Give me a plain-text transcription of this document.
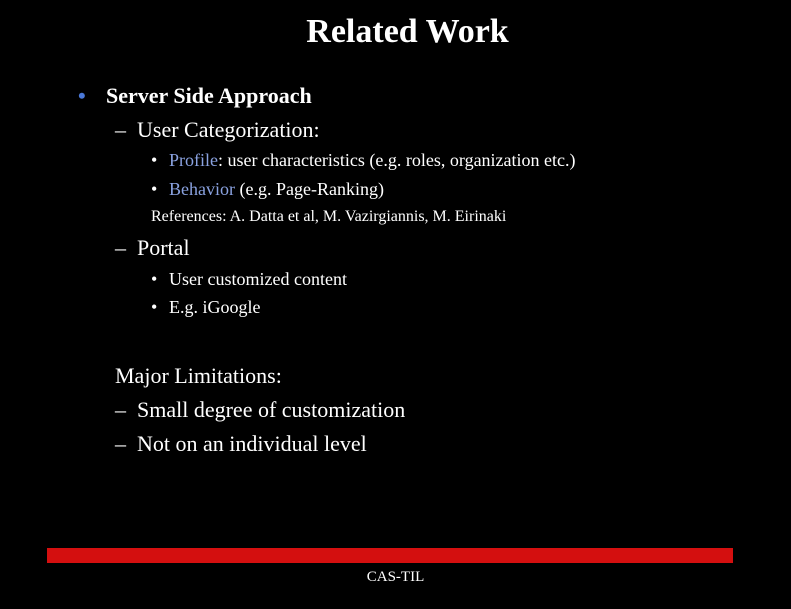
Related Work
• Server Side Approach
– User Categorization:
• Profile: user characteristics (e.g. roles, organization etc.)
• Behavior (e.g. Page-Ranking)
References: A. Datta et al, M. Vazirgiannis, M. Eirinaki
– Portal
• User customized content
• E.g. iGoogle
Major Limitations:
– Small degree of customization
– Not on an individual level
CAS-TIL
